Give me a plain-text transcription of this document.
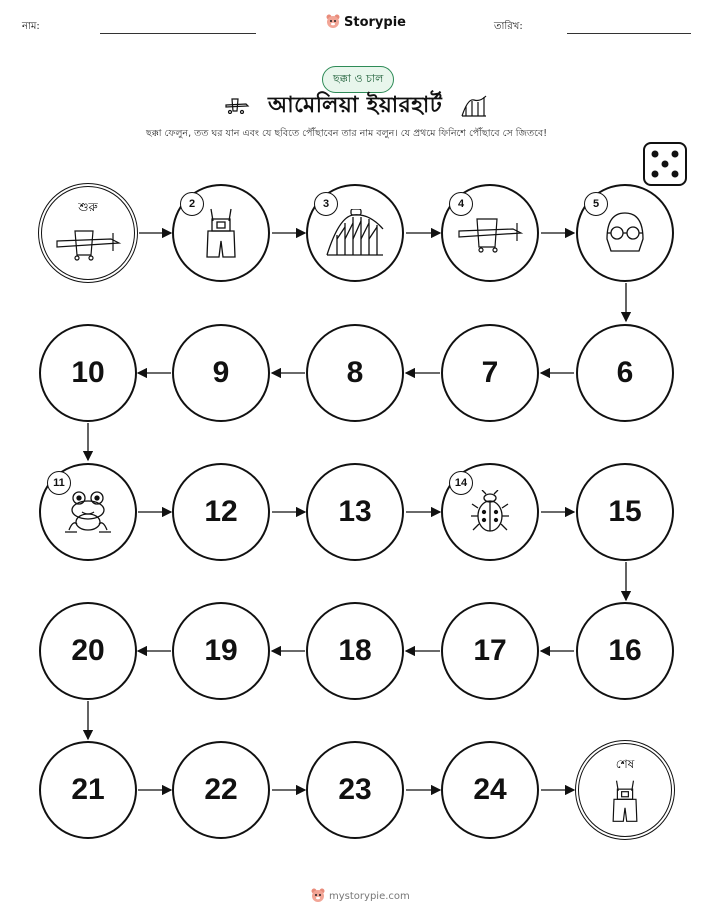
নাম:	Storypie	তারিখ:
ছক্কা ও চাল
আমেলিয়া ইয়ারহার্ট
ছক্কা ফেলুন, তত ঘর যান এবং যে ছবিতে পৌঁছাবেন তার নাম বলুন। যে প্রথমে ফিনিশে পৌঁছাবে সে জিতবে!
শুরু	2	3	4	5
10	9	8	7	6
11
12	13
14
15
20	19	18	17	16
21	22	23	24
শেষ
mystorypie.com
